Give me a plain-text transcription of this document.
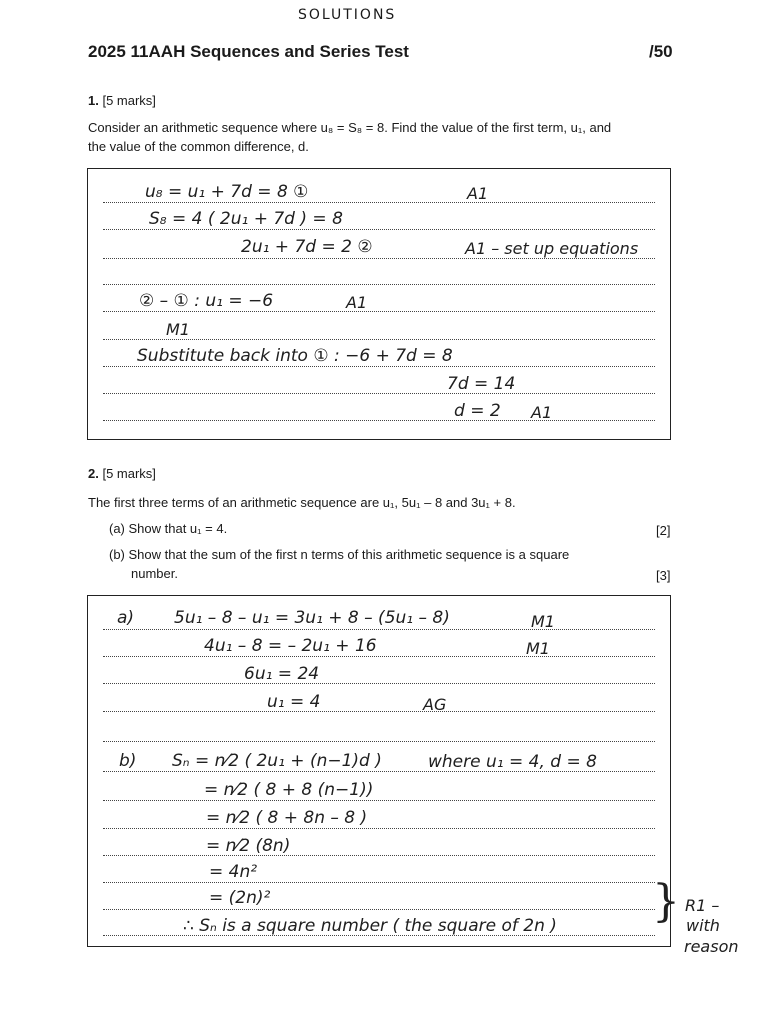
SOLUTIONS
2025 11AAH Sequences and Series Test	/50
1. [5 marks]
Consider an arithmetic sequence where u₈ = S₈ = 8. Find the value of the first term, u₁, and
the value of the common difference, d.
u₈ = u₁ + 7d = 8 ①	A1
S₈ = 4 ( 2u₁ + 7d ) = 8
2u₁ + 7d = 2 ②	A1 – set up equations
② – ① : u₁ = −6	A1
M1
Substitute back into ① : −6 + 7d = 8
7d = 14
d = 2 A1
2. [5 marks]
The first three terms of an arithmetic sequence are u₁, 5u₁ – 8 and 3u₁ + 8.
(a) Show that u₁ = 4.	[2]
(b) Show that the sum of the first n terms of this arithmetic sequence is a square
number.	[3]
a) 5u₁ – 8 – u₁ = 3u₁ + 8 – (5u₁ – 8)	M1
4u₁ – 8 = – 2u₁ + 16	M1
6u₁ = 24
u₁ = 4	AG
b) Sₙ = n⁄2 ( 2u₁ + (n−1)d )	where u₁ = 4, d = 8
= n⁄2 ( 8 + 8 (n−1))
= n⁄2 ( 8 + 8n – 8 )
= n⁄2 (8n)
= 4n²
= (2n)²
∴ Sₙ is a square number ( the square of 2n ) } R1 –
with
reason
